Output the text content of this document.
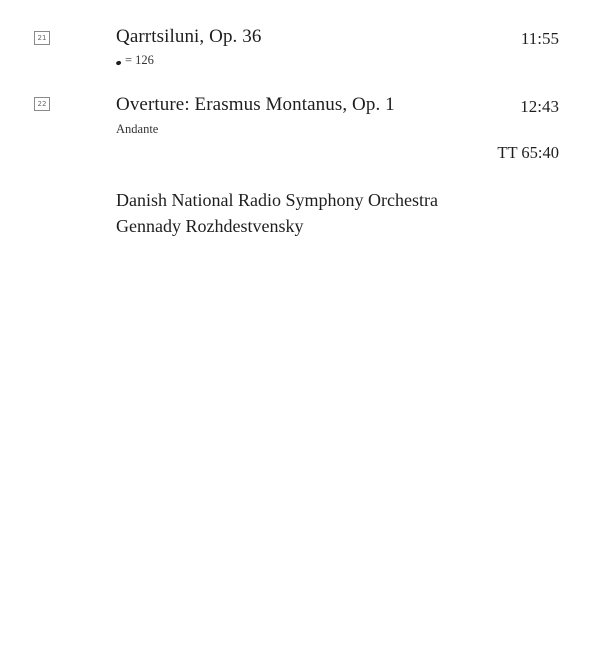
21	Qarrtsiluni, Op. 36	11:55
= 126
22	Overture: Erasmus Montanus, Op. 1	12:43
Andante
TT 65:40
Danish National Radio Symphony Orchestra
Gennady Rozhdestvensky
